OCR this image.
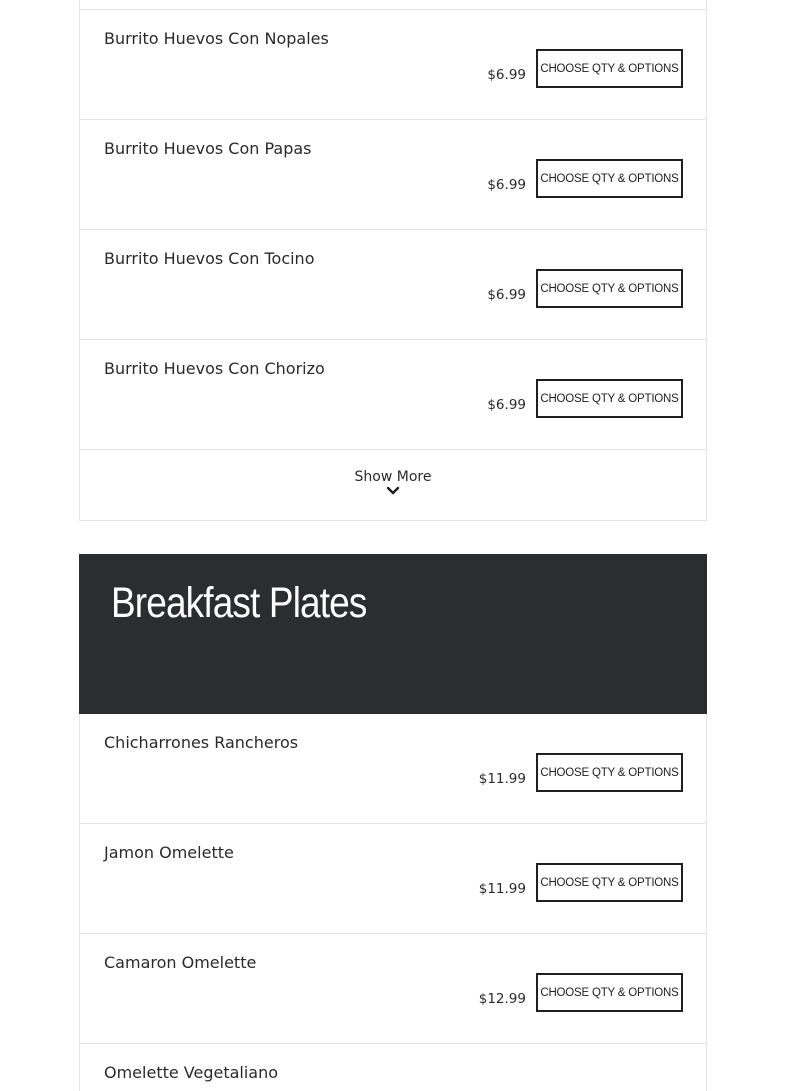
Burrito Huevos Con Nopales
$6.99	CHOOSE QTY & OPTIONS
Burrito Huevos Con Papas
$6.99	CHOOSE QTY & OPTIONS
Burrito Huevos Con Tocino
$6.99	CHOOSE QTY & OPTIONS
Burrito Huevos Con Chorizo
$6.99	CHOOSE QTY & OPTIONS
Show More
Breakfast Plates
Chicharrones Rancheros
$11.99	CHOOSE QTY & OPTIONS
Jamon Omelette
$11.99	CHOOSE QTY & OPTIONS
Camaron Omelette
$12.99	CHOOSE QTY & OPTIONS
Omelette Vegetaliano
